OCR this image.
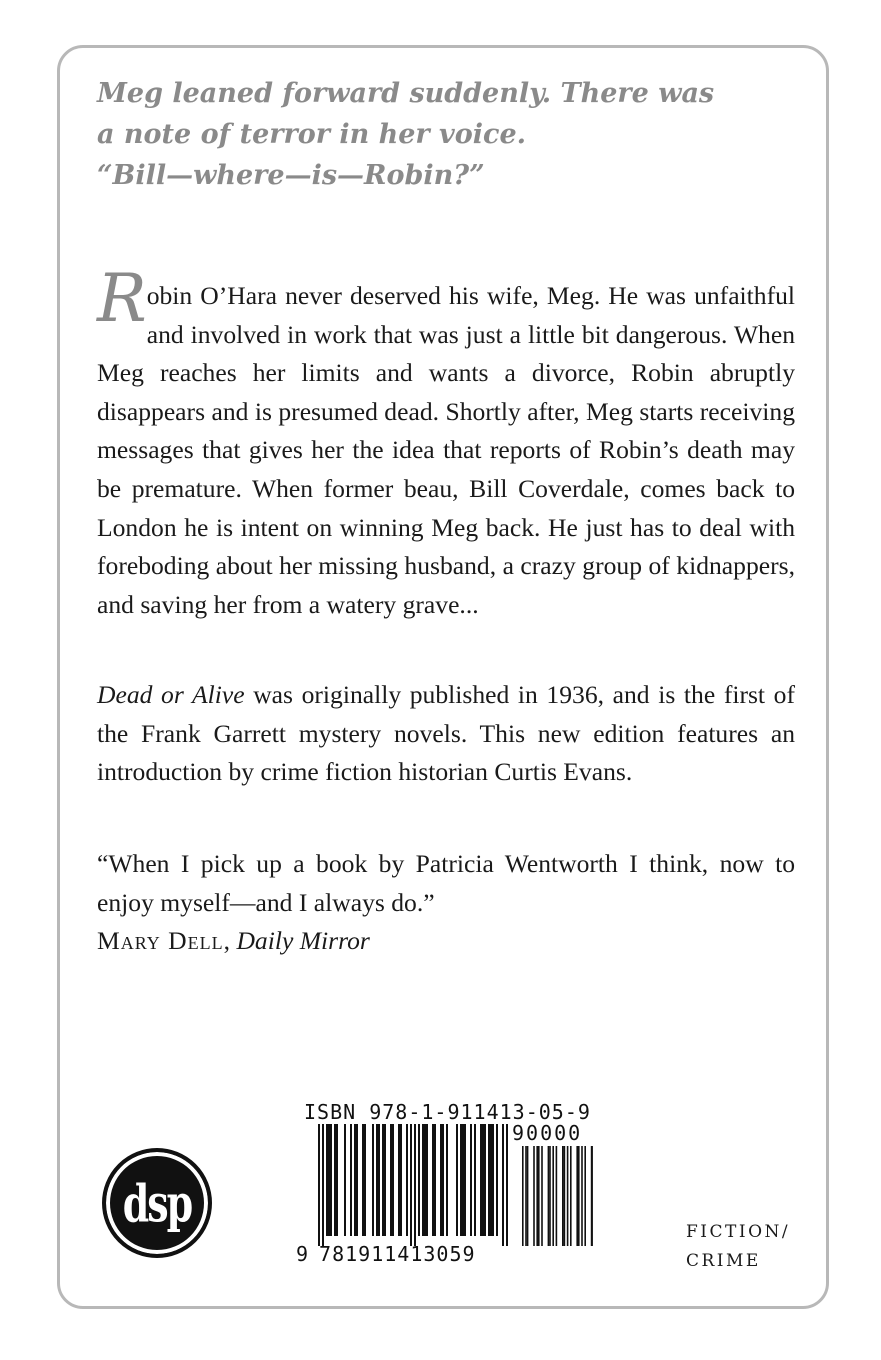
Meg leaned forward suddenly. There was
a note of terror in her voice.
“Bill—where—is—Robin?”

Robin O’Hara never deserved his wife, Meg. He was unfaithful and involved in work that was just a little bit dangerous. When Meg reaches her limits and wants a divorce, Robin abruptly disappears and is presumed dead. Shortly after, Meg starts receiving messages that gives her the idea that reports of Robin’s death may be premature. When former beau, Bill Coverdale, comes back to London he is intent on winning Meg back. He just has to deal with foreboding about her missing husband, a crazy group of kidnappers, and saving her from a watery grave...

Dead or Alive was originally published in 1936, and is the first of the Frank Garrett mystery novels. This new edition features an introduction by crime fiction historian Curtis Evans.

“When I pick up a book by Patricia Wentworth I think, now to enjoy myself—and I always do.”
Mary Dell, Daily Mirror
dsp
ISBN 978-1-911413-05-9
90000
9 781911413059
FICTION/
CRIME
